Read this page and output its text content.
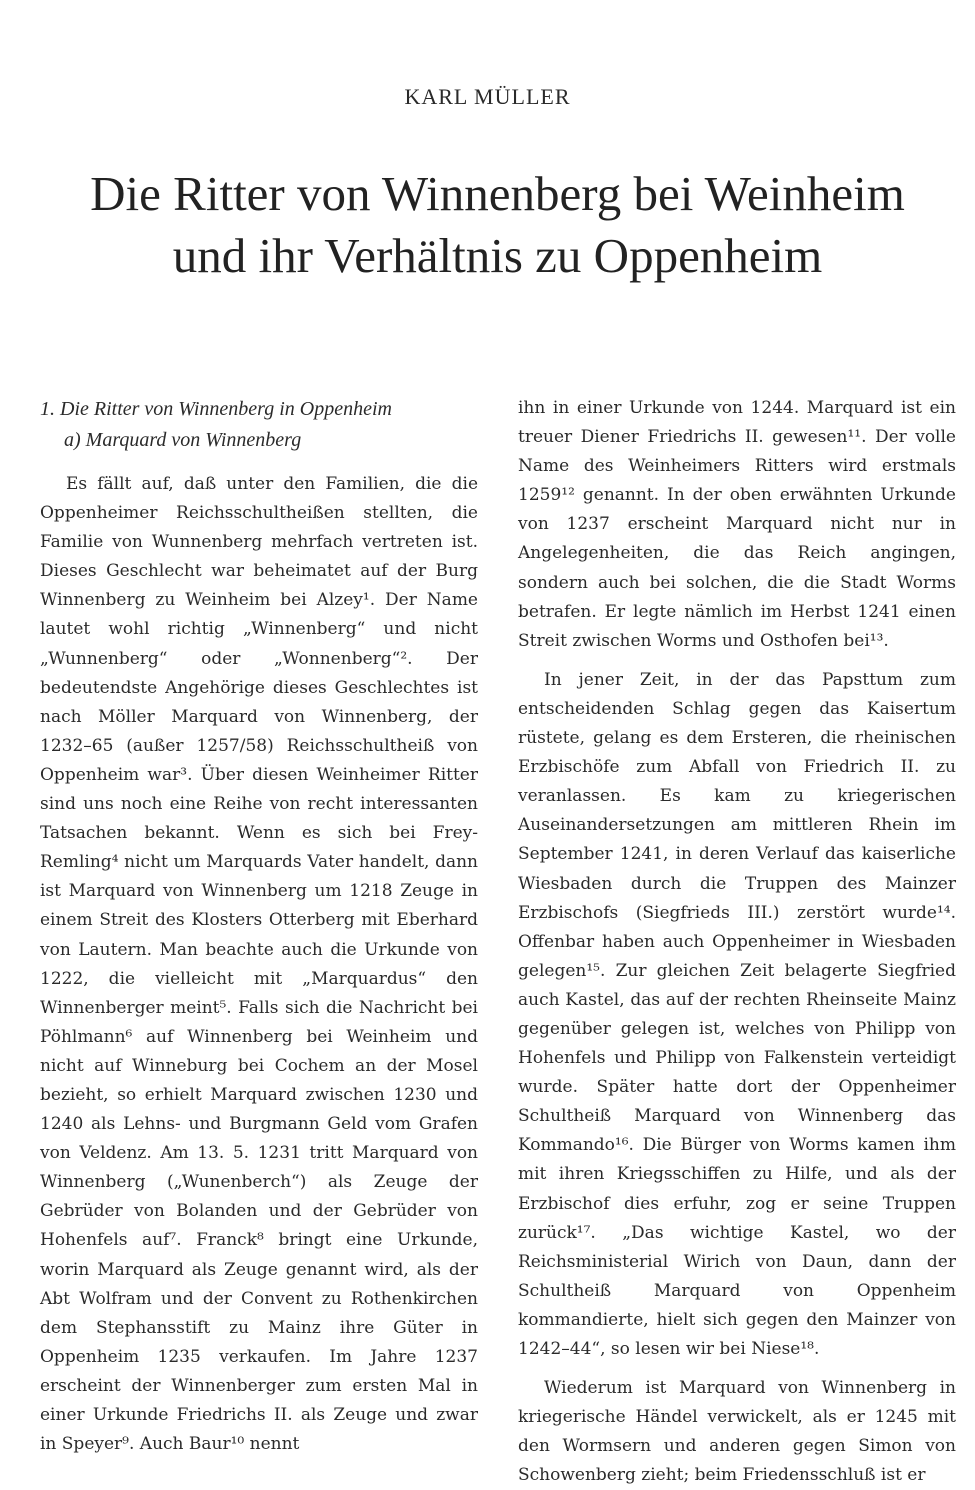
KARL MÜLLER
Die Ritter von Winnenberg bei Weinheim
und ihr Verhältnis zu Oppenheim
1. Die Ritter von Winnenberg in Oppenheim
a) Marquard von Winnenberg

Es fällt auf, daß unter den Familien, die die Oppenheimer Reichsschultheißen stellten, die Familie von Wunnenberg mehrfach vertreten ist. Dieses Geschlecht war beheimatet auf der Burg Winnenberg zu Weinheim bei Alzey¹. Der Name lautet wohl richtig „Winnenberg“ und nicht „Wunnenberg“ oder „Wonnenberg“². Der bedeutendste Angehörige dieses Geschlechtes ist nach Möller Marquard von Winnenberg, der 1232–65 (außer 1257/58) Reichsschultheiß von Oppenheim war³. Über diesen Weinheimer Ritter sind uns noch eine Reihe von recht interessanten Tatsachen bekannt. Wenn es sich bei Frey-Remling⁴ nicht um Marquards Vater handelt, dann ist Marquard von Winnenberg um 1218 Zeuge in einem Streit des Klosters Otterberg mit Eberhard von Lautern. Man beachte auch die Urkunde von 1222, die vielleicht mit „Marquardus“ den Winnenberger meint⁵. Falls sich die Nachricht bei Pöhlmann⁶ auf Winnenberg bei Weinheim und nicht auf Winneburg bei Cochem an der Mosel bezieht, so erhielt Marquard zwischen 1230 und 1240 als Lehns- und Burgmann Geld vom Grafen von Veldenz. Am 13. 5. 1231 tritt Marquard von Winnenberg („Wunenberch“) als Zeuge der Gebrüder von Bolanden und der Gebrüder von Hohenfels auf⁷. Franck⁸ bringt eine Urkunde, worin Marquard als Zeuge genannt wird, als der Abt Wolfram und der Convent zu Rothenkirchen dem Stephansstift zu Mainz ihre Güter in Oppenheim 1235 verkaufen. Im Jahre 1237 erscheint der Winnenberger zum ersten Mal in einer Urkunde Friedrichs II. als Zeuge und zwar in Speyer⁹. Auch Baur¹⁰ nennt

ihn in einer Urkunde von 1244. Marquard ist ein treuer Diener Friedrichs II. gewesen¹¹. Der volle Name des Weinheimers Ritters wird erstmals 1259¹² genannt. In der oben erwähnten Urkunde von 1237 erscheint Marquard nicht nur in Angelegenheiten, die das Reich angingen, sondern auch bei solchen, die die Stadt Worms betrafen. Er legte nämlich im Herbst 1241 einen Streit zwischen Worms und Osthofen bei¹³.

In jener Zeit, in der das Papsttum zum entscheidenden Schlag gegen das Kaisertum rüstete, gelang es dem Ersteren, die rheinischen Erzbischöfe zum Abfall von Friedrich II. zu veranlassen. Es kam zu kriegerischen Auseinandersetzungen am mittleren Rhein im September 1241, in deren Verlauf das kaiserliche Wiesbaden durch die Truppen des Mainzer Erzbischofs (Siegfrieds III.) zerstört wurde¹⁴. Offenbar haben auch Oppenheimer in Wiesbaden gelegen¹⁵. Zur gleichen Zeit belagerte Siegfried auch Kastel, das auf der rechten Rheinseite Mainz gegenüber gelegen ist, welches von Philipp von Hohenfels und Philipp von Falkenstein verteidigt wurde. Später hatte dort der Oppenheimer Schultheiß Marquard von Winnenberg das Kommando¹⁶. Die Bürger von Worms kamen ihm mit ihren Kriegsschiffen zu Hilfe, und als der Erzbischof dies erfuhr, zog er seine Truppen zurück¹⁷. „Das wichtige Kastel, wo der Reichsministerial Wirich von Daun, dann der Schultheiß Marquard von Oppenheim kommandierte, hielt sich gegen den Mainzer von 1242–44“, so lesen wir bei Niese¹⁸.

Wiederum ist Marquard von Winnenberg in kriegerische Händel verwickelt, als er 1245 mit den Wormsern und anderen gegen Simon von Schowenberg zieht; beim Friedensschluß ist er
